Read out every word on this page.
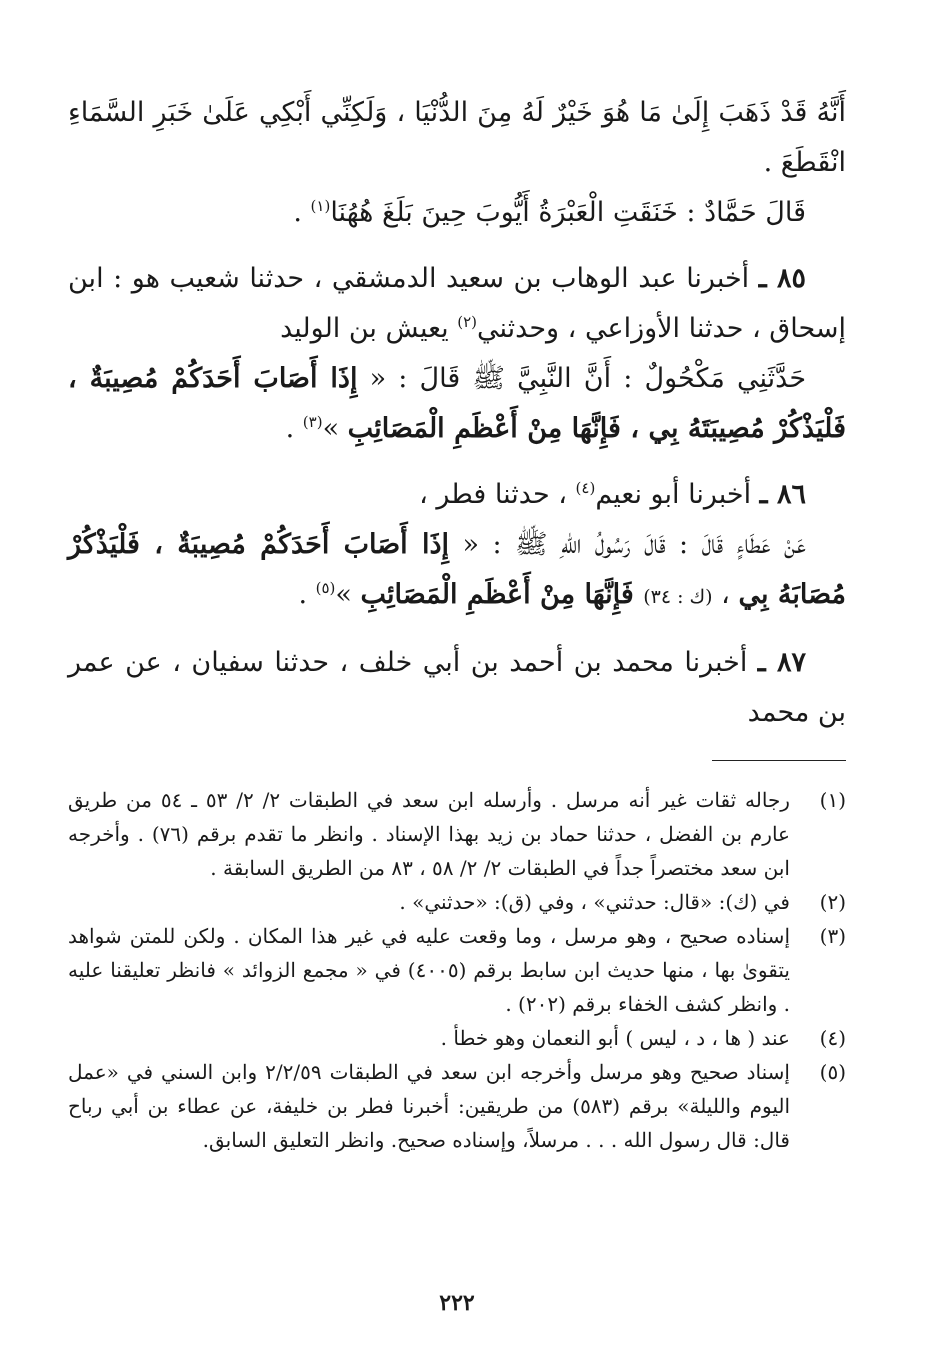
أَنَّهُ قَدْ ذَهَبَ إِلَىٰ مَا هُوَ خَيْرٌ لَهُ مِنَ الدُّنْيَا ، وَلَكِنِّي أَبْكِي عَلَىٰ خَبَرِ السَّمَاءِ انْقَطَعَ .

قَالَ حَمَّادٌ : خَنَقَتِ الْعَبْرَةُ أَيُّوبَ حِينَ بَلَغَ هُهُنَا$^{(١)}$ .

٨٥ ـ أخبرنا عبد الوهاب بن سعيد الدمشقي ، حدثنا شعيب هو : ابن إسحاق ، حدثنا الأوزاعي ، وحدثني$^{(٢)}$ يعيش بن الوليد

حَدَّثَنِي مَكْحُولٌ : أَنَّ النَّبِيَّ ﷺ قَالَ : « إِذَا أَصَابَ أَحَدَكُمْ مُصِيبَةٌ ، فَلْيَذْكُرْ مُصِيبَتَهُ بِي ، فَإِنَّهَا مِنْ أَعْظَمِ الْمَصَائِبِ »$^{(٣)}$ .

٨٦ ـ أخبرنا أبو نعيم$^{(٤)}$ ، حدثنا فطر ،

عَنْ عَطَاءٍ قَالَ : قَالَ رَسُولُ اللهِ ﷺ : « إِذَا أَصَابَ أَحَدَكُمْ مُصِيبَةٌ ، فَلْيَذْكُرْ مُصَابَهُ بِي ، (ك : ٣٤) فَإِنَّهَا مِنْ أَعْظَمِ الْمَصَائِبِ »$^{(٥)}$ .

٨٧ ـ أخبرنا محمد بن أحمد بن أبي خلف ، حدثنا سفيان ، عن عمر بن محمد

(١)
رجاله ثقات غير أنه مرسل . وأرسله ابن سعد في الطبقات ٢/ ٢/ ٥٣ ـ ٥٤ من طريق عارم بن الفضل ، حدثنا حماد بن زيد بهذا الإسناد . وانظر ما تقدم برقم (٧٦) . وأخرجه ابن سعد مختصراً جداً في الطبقات ٢/ ٢/ ٥٨ ، ٨٣ من الطريق السابقة .
(٢)
في (ك): «قال: حدثني» ، وفي (ق): «حدثني» .
(٣)
إسناده صحيح ، وهو مرسل ، وما وقعت عليه في غير هذا المكان . ولكن للمتن شواهد يتقوىٰ بها ، منها حديث ابن سابط برقم (٤٠٠٥) في « مجمع الزوائد » فانظر تعليقنا عليه . وانظر كشف الخفاء برقم (٢٠٢) .
(٤)
عند ( ها ، د ، ليس ) أبو النعمان وهو خطأ .
(٥)
إسناد صحيح وهو مرسل وأخرجه ابن سعد في الطبقات ٢/٢/٥٩ وابن السني في «عمل اليوم والليلة» برقم (٥٨٣) من طريقين: أخبرنا فطر بن خليفة، عن عطاء بن أبي رباح قال: قال رسول الله . . . مرسلاً، وإسناده صحيح. وانظر التعليق السابق.
٢٢٢
